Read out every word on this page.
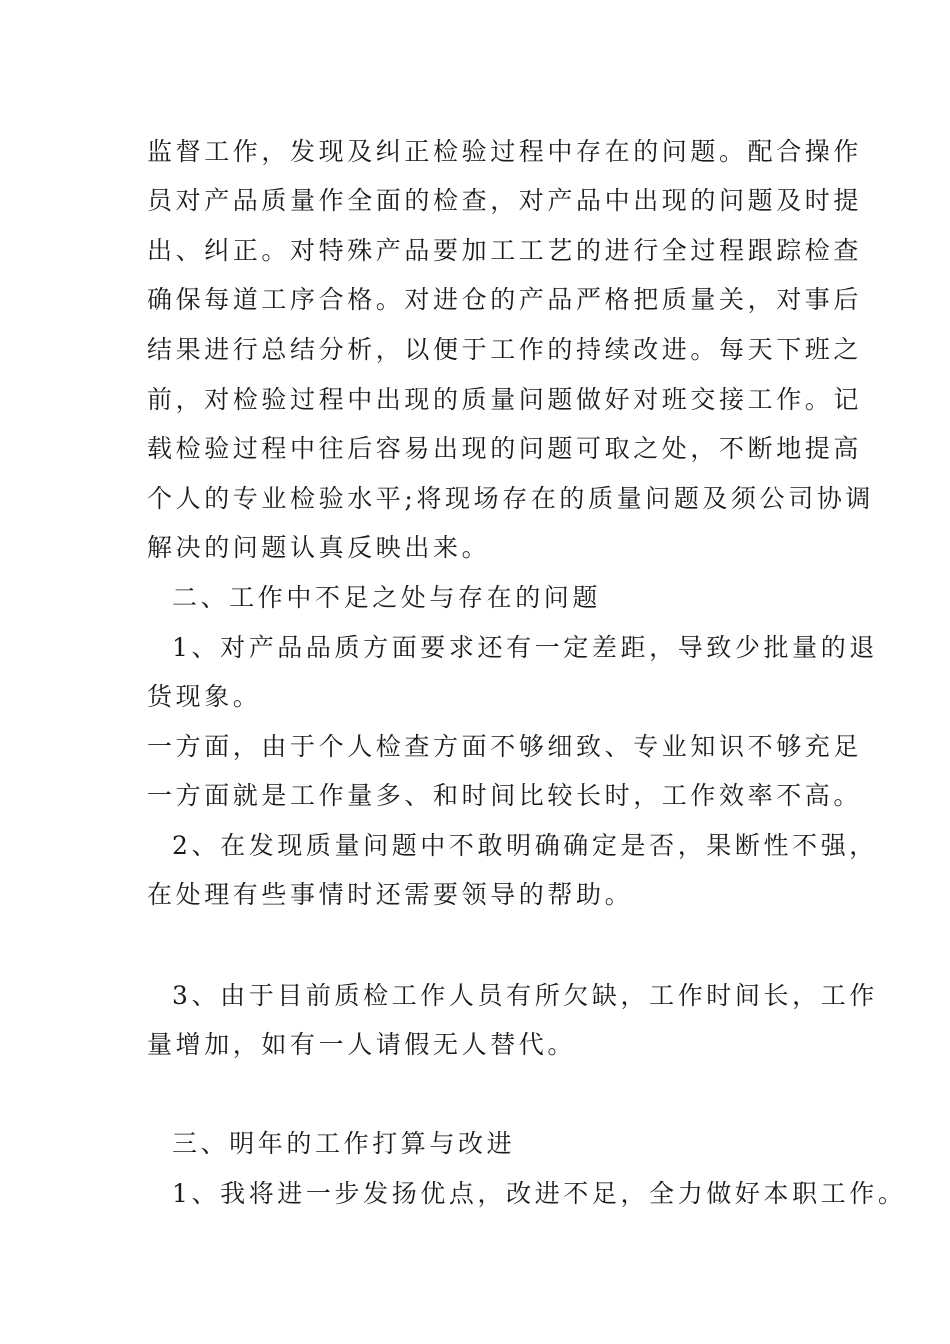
监督工作，发现及纠正检验过程中存在的问题。配合操作
员对产品质量作全面的检查，对产品中出现的问题及时提
出、纠正。对特殊产品要加工工艺的进行全过程跟踪检查
确保每道工序合格。对进仓的产品严格把质量关，对事后
结果进行总结分析，以便于工作的持续改进。每天下班之
前，对检验过程中出现的质量问题做好对班交接工作。记
载检验过程中往后容易出现的问题可取之处，不断地提高
个人的专业检验水平;将现场存在的质量问题及须公司协调
解决的问题认真反映出来。
二、工作中不足之处与存在的问题
1、对产品品质方面要求还有一定差距，导致少批量的退
货现象。
一方面，由于个人检查方面不够细致、专业知识不够充足
一方面就是工作量多、和时间比较长时，工作效率不高。
2、在发现质量问题中不敢明确确定是否，果断性不强，
在处理有些事情时还需要领导的帮助。
3、由于目前质检工作人员有所欠缺，工作时间长，工作
量增加，如有一人请假无人替代。
三、明年的工作打算与改进
1、我将进一步发扬优点，改进不足，全力做好本职工作。
